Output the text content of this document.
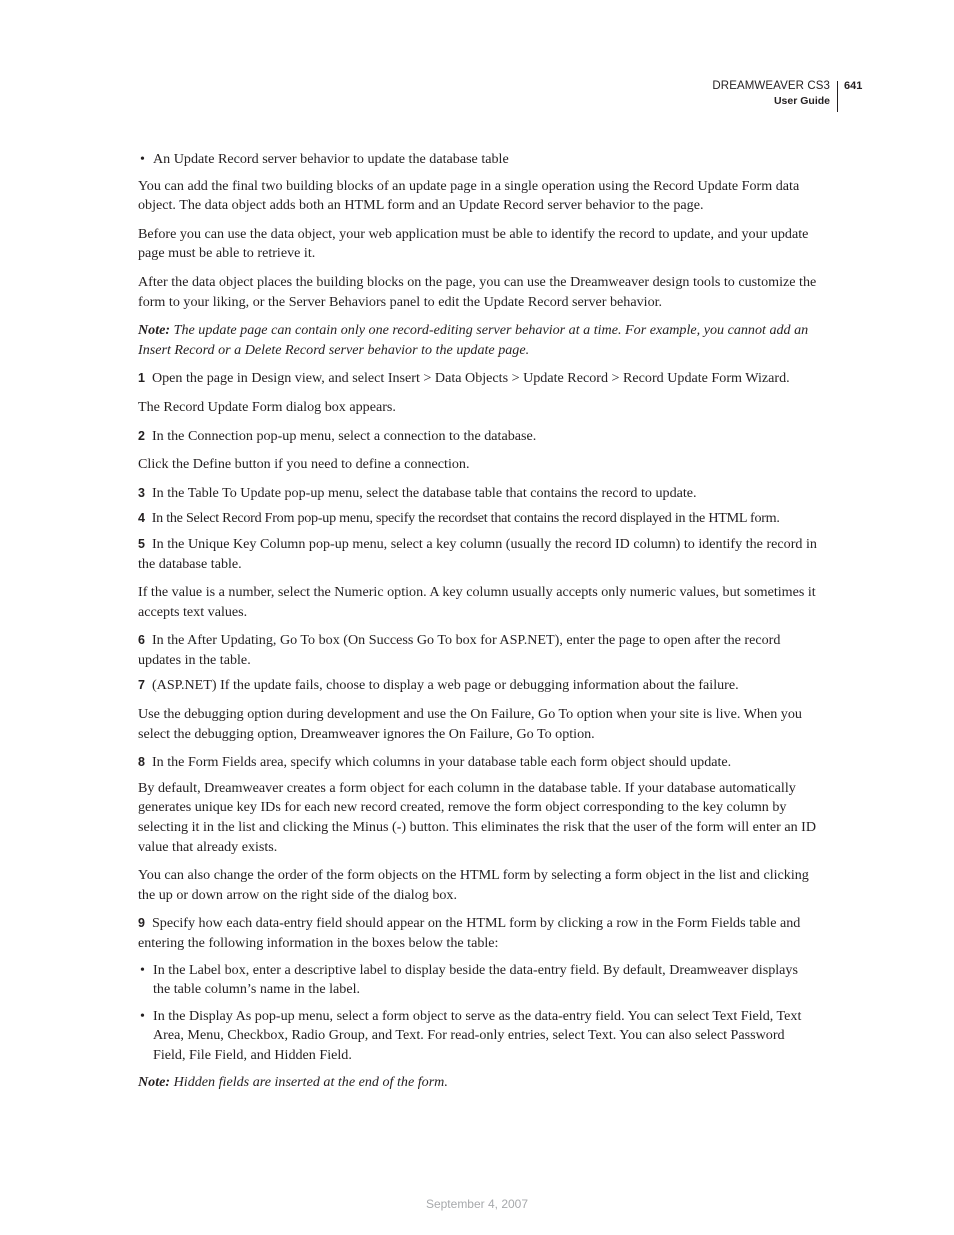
DREAMWEAVER CS3
User Guide
641
• An Update Record server behavior to update the database table

You can add the final two building blocks of an update page in a single operation using the Record Update Form data object. The data object adds both an HTML form and an Update Record server behavior to the page.

Before you can use the data object, your web application must be able to identify the record to update, and your update page must be able to retrieve it.

After the data object places the building blocks on the page, you can use the Dreamweaver design tools to customize the form to your liking, or the Server Behaviors panel to edit the Update Record server behavior.

Note: The update page can contain only one record-editing server behavior at a time. For example, you cannot add an Insert Record or a Delete Record server behavior to the update page.

1 Open the page in Design view, and select Insert > Data Objects > Update Record > Record Update Form Wizard.

The Record Update Form dialog box appears.

2 In the Connection pop-up menu, select a connection to the database.

Click the Define button if you need to define a connection.

3 In the Table To Update pop-up menu, select the database table that contains the record to update.

4 In the Select Record From pop-up menu, specify the recordset that contains the record displayed in the HTML form.

5 In the Unique Key Column pop-up menu, select a key column (usually the record ID column) to identify the record in the database table.

If the value is a number, select the Numeric option. A key column usually accepts only numeric values, but sometimes it accepts text values.

6 In the After Updating, Go To box (On Success Go To box for ASP.NET), enter the page to open after the record updates in the table.

7 (ASP.NET) If the update fails, choose to display a web page or debugging information about the failure.

Use the debugging option during development and use the On Failure, Go To option when your site is live. When you select the debugging option, Dreamweaver ignores the On Failure, Go To option.

8 In the Form Fields area, specify which columns in your database table each form object should update.

By default, Dreamweaver creates a form object for each column in the database table. If your database automatically generates unique key IDs for each new record created, remove the form object corresponding to the key column by selecting it in the list and clicking the Minus (-) button. This eliminates the risk that the user of the form will enter an ID value that already exists.

You can also change the order of the form objects on the HTML form by selecting a form object in the list and clicking the up or down arrow on the right side of the dialog box.

9 Specify how each data-entry field should appear on the HTML form by clicking a row in the Form Fields table and entering the following information in the boxes below the table:

• In the Label box, enter a descriptive label to display beside the data-entry field. By default, Dreamweaver displays the table column’s name in the label.
• In the Display As pop-up menu, select a form object to serve as the data-entry field. You can select Text Field, Text Area, Menu, Checkbox, Radio Group, and Text. For read-only entries, select Text. You can also select Password Field, File Field, and Hidden Field.

Note: Hidden fields are inserted at the end of the form.

September 4, 2007
